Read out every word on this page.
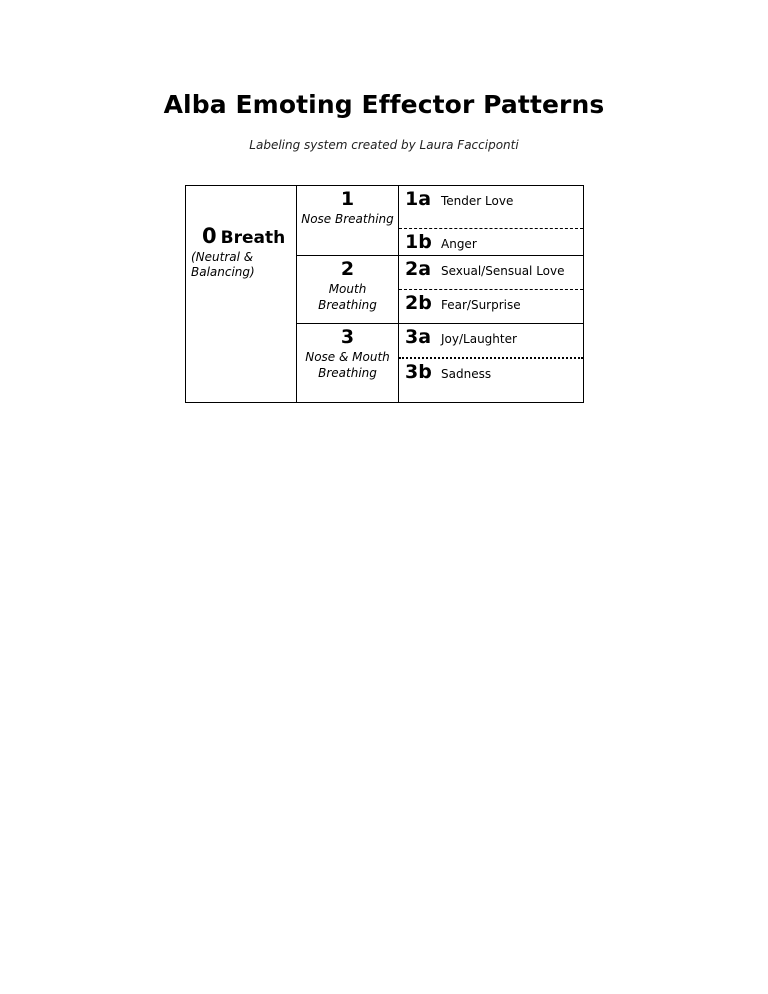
Alba Emoting Effector Patterns
Labeling system created by Laura Facciponti
0 Breath
(Neutral & Balancing)
1
Nose Breathing
2
Mouth Breathing
3
Nose & Mouth Breathing
1a Tender Love
1b Anger
2a Sexual/Sensual Love
2b Fear/Surprise
3a Joy/Laughter
3b Sadness
